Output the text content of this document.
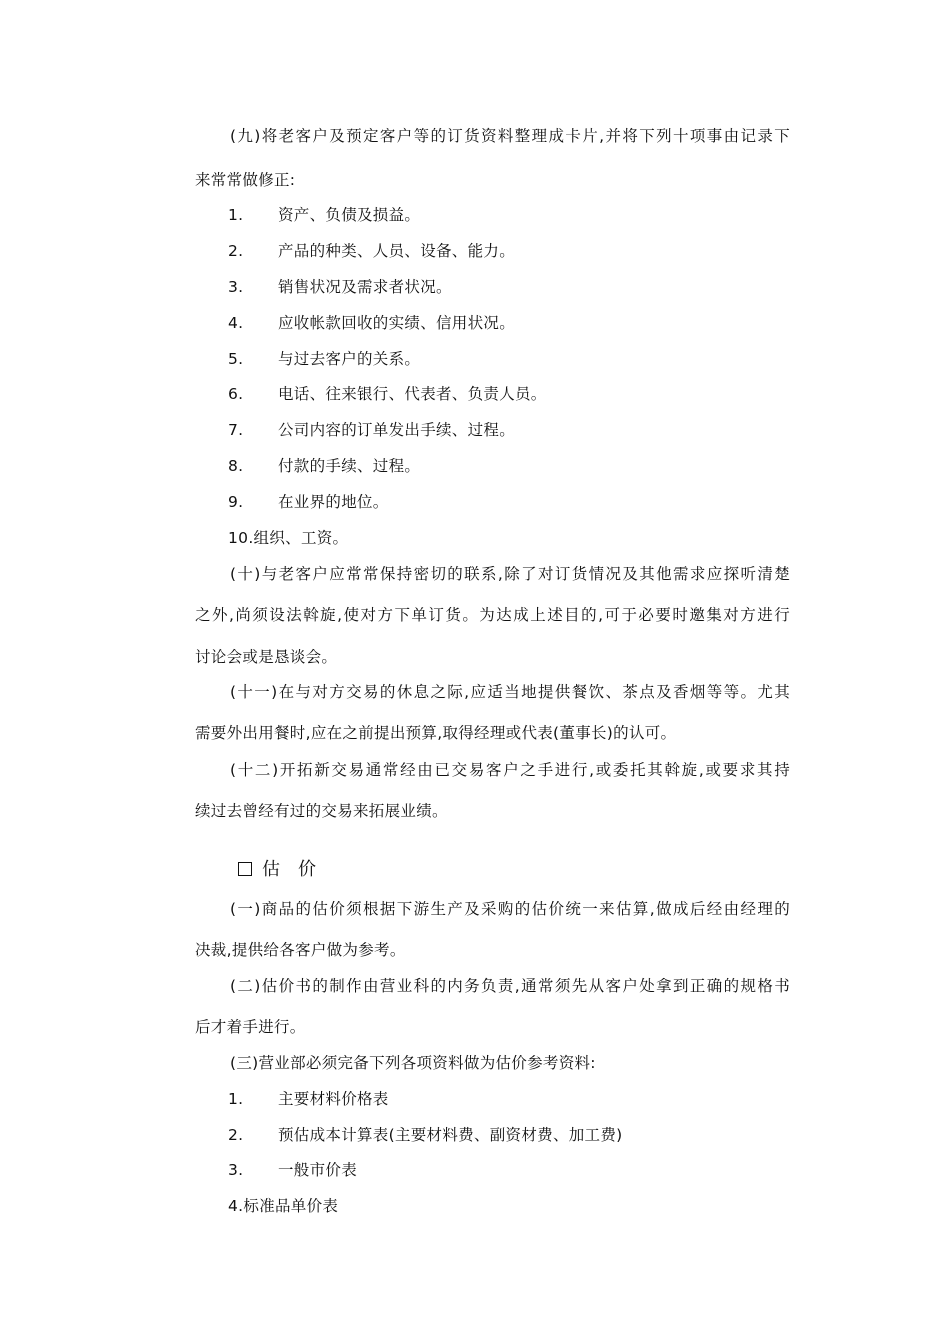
(九)将老客户及预定客户等的订货资料整理成卡片,并将下列十项事由记录下
来常常做修正:
1. 资产、负债及损益。
2. 产品的种类、人员、设备、能力。
3. 销售状况及需求者状况。
4. 应收帐款回收的实绩、信用状况。
5. 与过去客户的关系。
6. 电话、往来银行、代表者、负责人员。
7. 公司内容的订单发出手续、过程。
8. 付款的手续、过程。
9. 在业界的地位。
10.组织、工资。
(十)与老客户应常常保持密切的联系,除了对订货情况及其他需求应探听清楚
之外,尚须设法斡旋,使对方下单订货。为达成上述目的,可于必要时邀集对方进行
讨论会或是恳谈会。
(十一)在与对方交易的休息之际,应适当地提供餐饮、茶点及香烟等等。尤其
需要外出用餐时,应在之前提出预算,取得经理或代表(董事长)的认可。
(十二)开拓新交易通常经由已交易客户之手进行,或委托其斡旋,或要求其持
续过去曾经有过的交易来拓展业绩。
估　价
(一)商品的估价须根据下游生产及采购的估价统一来估算,做成后经由经理的
决裁,提供给各客户做为参考。
(二)估价书的制作由营业科的内务负责,通常须先从客户处拿到正确的规格书
后才着手进行。
(三)营业部必须完备下列各项资料做为估价参考资料:
1. 主要材料价格表
2. 预估成本计算表(主要材料费、副资材费、加工费)
3. 一般市价表
4.标准品单价表
